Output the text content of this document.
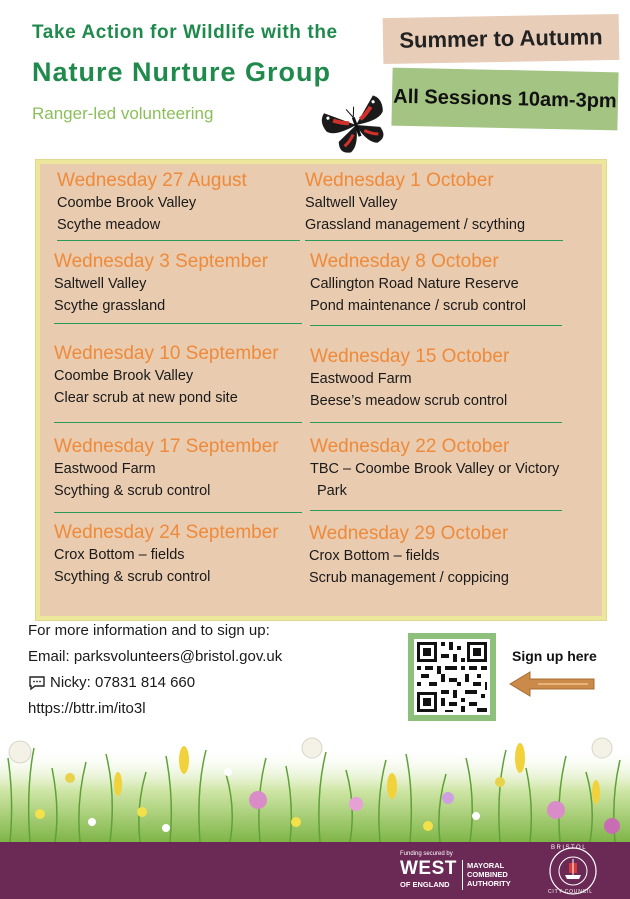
Take Action for Wildlife with the
Nature Nurture Group
Ranger-led volunteering
Summer to Autumn
All Sessions 10am-3pm
Wednesday 27 August
Coombe Brook Valley
Scythe meadow
Wednesday 3 September
Saltwell Valley
Scythe grassland
Wednesday 10 September
Coombe Brook Valley
Clear scrub at new pond site
Wednesday 17 September
Eastwood Farm
Scything & scrub control
Wednesday 24 September
Crox Bottom – fields
Scything & scrub control
Wednesday 1 October
Saltwell Valley
Grassland management / scything
Wednesday 8 October
Callington Road Nature Reserve
Pond maintenance / scrub control
Wednesday 15 October
Eastwood Farm
Beese’s meadow scrub control
Wednesday 22 October
TBC – Coombe Brook Valley or Victory
Park
Wednesday 29 October
Crox Bottom – fields
Scrub management / coppicing
For more information and to sign up:
Email: parksvolunteers@bristol.gov.uk
Nicky: 07831 814 660
https://bttr.im/ito3l
Sign up here
Funding secured by
WEST
OF ENGLAND
MAYORAL
COMBINED
AUTHORITY
BRISTOL
CITY COUNCIL
